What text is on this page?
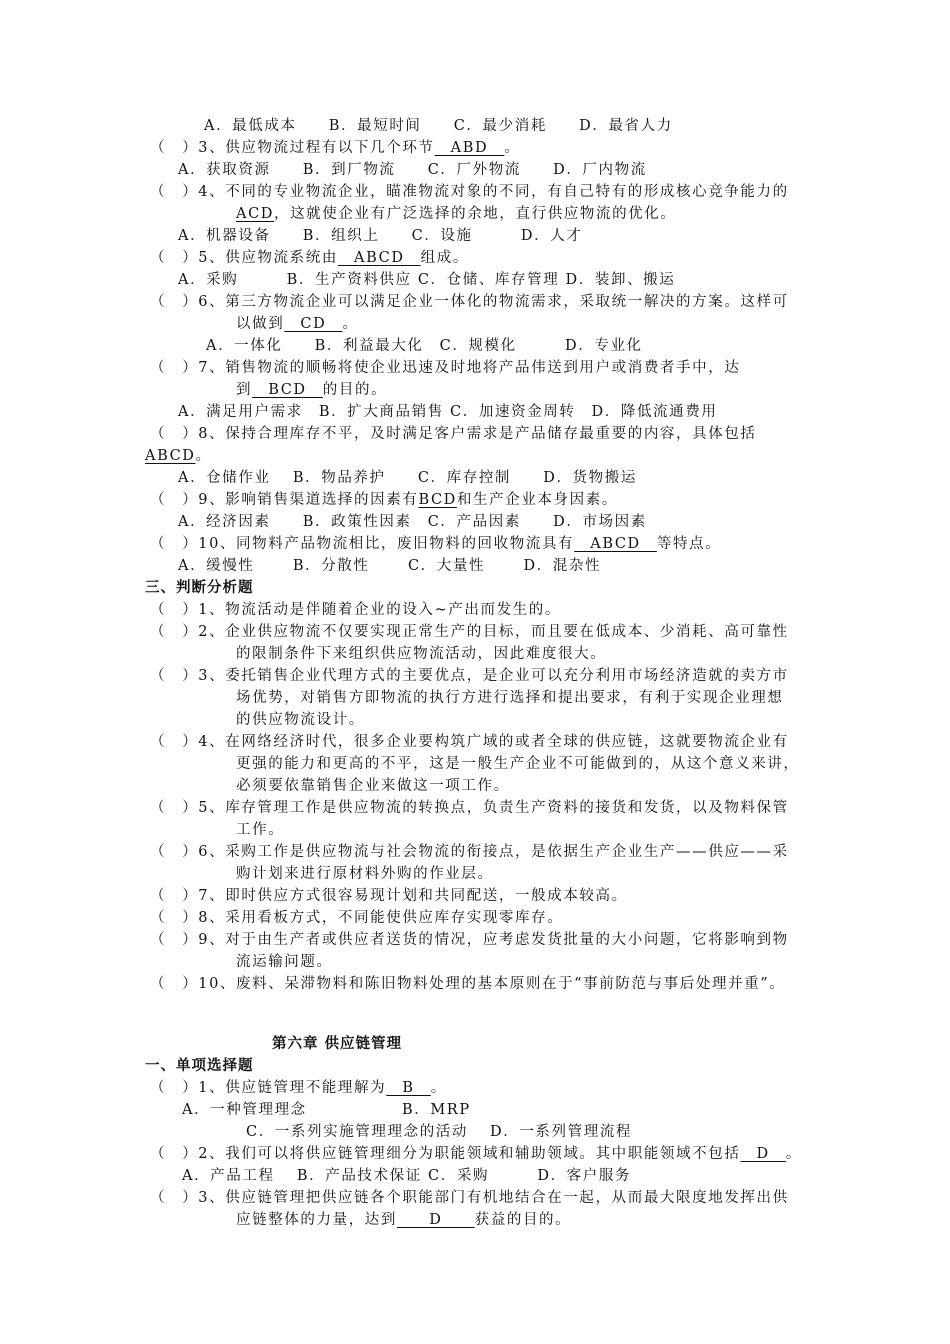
A．最低成本　　B．最短时间　　C．最少消耗　　D．最省人力
（　）3、供应物流过程有以下几个环节　ABD　。
A．获取资源　　B．到厂物流　　C．厂外物流　　D．厂内物流
（　）4、不同的专业物流企业，瞄准物流对象的不同，有自己特有的形成核心竞争能力的
ACD，这就使企业有广泛选择的余地，直行供应物流的优化。
A．机器设备　　B．组织上　　C．设施　　　D．人才
（　）5、供应物流系统由　ABCD　组成。
A．采购　　　B．生产资料供应 C．仓储、库存管理 D．装卸、搬运
（　）6、第三方物流企业可以满足企业一体化的物流需求，采取统一解决的方案。这样可
以做到　CD　。
A．一体化　　B．利益最大化　C．规模化　　　D．专业化
（　）7、销售物流的顺畅将使企业迅速及时地将产品伟送到用户或消费者手中，达
到　BCD　的目的。
A．满足用户需求　B．扩大商品销售 C．加速资金周转　D．降低流通费用
（　）8、保持合理库存不平，及时满足客户需求是产品储存最重要的内容，具体包括
ABCD。
A．仓储作业　 B．物品养护　　C．库存控制　　D．货物搬运
（　）9、影响销售渠道选择的因素有BCD和生产企业本身因素。
A．经济因素　　B．政策性因素　C．产品因素　　D．市场因素
（　）10、同物料产品物流相比，废旧物料的回收物流具有　ABCD　等特点。
A．缓慢性　　 B．分散性　　 C．大量性　　 D．混杂性
三、判断分析题
（　）1、物流活动是伴随着企业的设入~产出而发生的。
（　）2、企业供应物流不仅要实现正常生产的目标，而且要在低成本、少消耗、高可靠性
的限制条件下来组织供应物流活动，因此难度很大。
（　）3、委托销售企业代理方式的主要优点，是企业可以充分利用市场经济造就的卖方市
场优势，对销售方即物流的执行方进行选择和提出要求，有利于实现企业理想
的供应物流设计。
（　）4、在网络经济时代，很多企业要构筑广域的或者全球的供应链，这就要物流企业有
更强的能力和更高的不平，这是一般生产企业不可能做到的，从这个意义来讲，
必须要依靠销售企业来做这一项工作。
（　）5、库存管理工作是供应物流的转换点，负责生产资料的接货和发货，以及物料保管
工作。
（　）6、采购工作是供应物流与社会物流的衔接点，是依据生产企业生产——供应——采
购计划来进行原材料外购的作业层。
（　）7、即时供应方式很容易现计划和共同配送，一般成本较高。
（　）8、采用看板方式，不同能使供应库存实现零库存。
（　）9、对于由生产者或供应者送货的情况，应考虑发货批量的大小问题，它将影响到物
流运输问题。
（　）10、废料、呆滞物料和陈旧物料处理的基本原则在于“事前防范与事后处理并重”。
第六章 供应链管理
一、单项选择题
（　）1、供应链管理不能理解为　B　。
A．一种管理理念	B．MRP
C．一系列实施管理理念的活动 D．一系列管理流程
（　）2、我们可以将供应链管理细分为职能领域和辅助领域。其中职能领域不包括　D　。
A．产品工程　 B．产品技术保证 C．采购　　　D．客户服务
（　）3、供应链管理把供应链各个职能部门有机地结合在一起，从而最大限度地发挥出供
应链整体的力量，达到　　D　　获益的目的。
